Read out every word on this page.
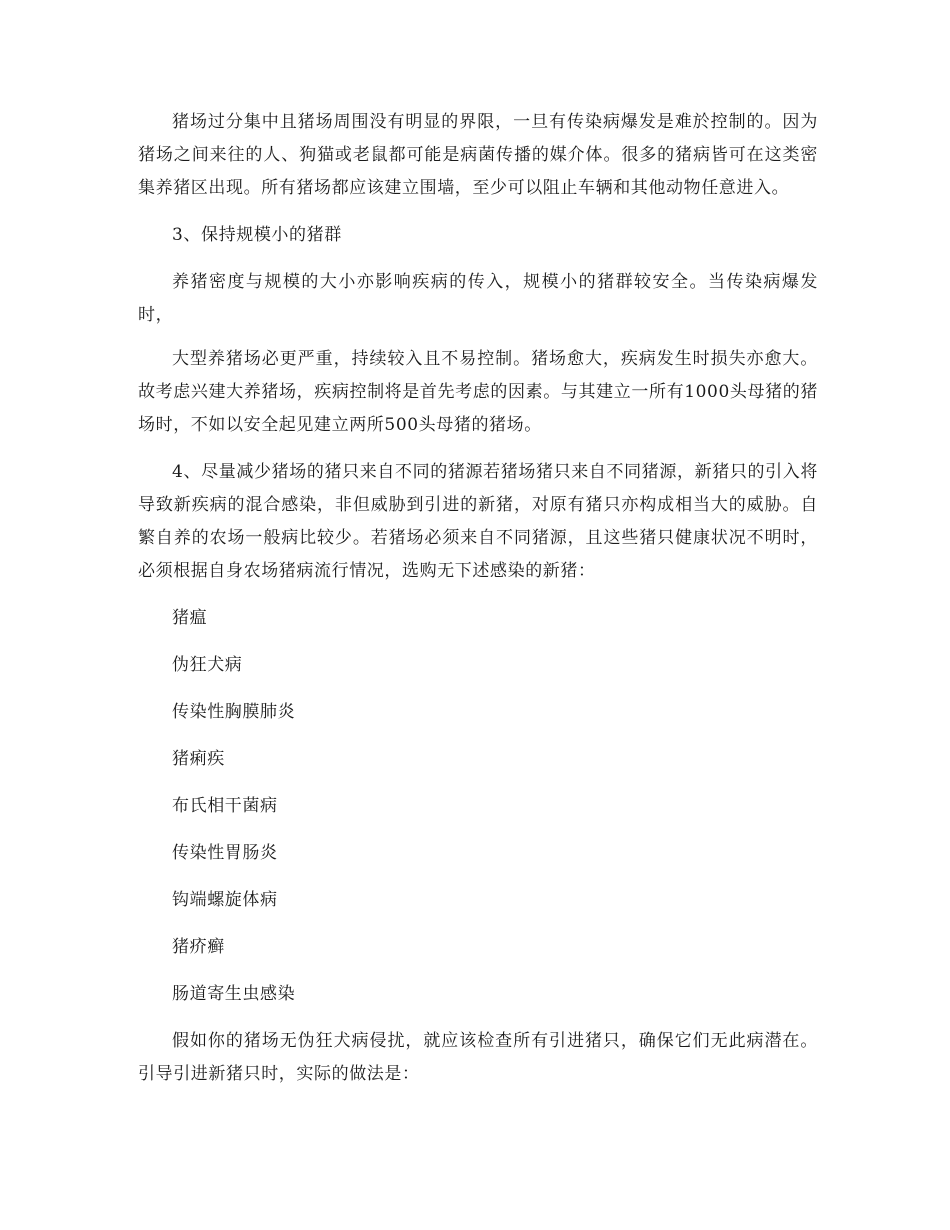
猪场过分集中且猪场周围没有明显的界限，一旦有传染病爆发是难於控制的。因为猪场之间来往的人、狗猫或老鼠都可能是病菌传播的媒介体。很多的猪病皆可在这类密集养猪区出现。所有猪场都应该建立围墙，至少可以阻止车辆和其他动物任意进入。

3、保持规模小的猪群

养猪密度与规模的大小亦影响疾病的传入，规模小的猪群较安全。当传染病爆发时，

大型养猪场必更严重，持续较入且不易控制。猪场愈大，疾病发生时损失亦愈大。故考虑兴建大养猪场，疾病控制将是首先考虑的因素。与其建立一所有1000头母猪的猪场时，不如以安全起见建立两所500头母猪的猪场。

4、尽量减少猪场的猪只来自不同的猪源若猪场猪只来自不同猪源，新猪只的引入将导致新疾病的混合感染，非但威胁到引进的新猪，对原有猪只亦构成相当大的威胁。自繁自养的农场一般病比较少。若猪场必须来自不同猪源，且这些猪只健康状况不明时，必须根据自身农场猪病流行情况，选购无下述感染的新猪：

猪瘟
伪狂犬病
传染性胸膜肺炎
猪痢疾
布氏相干菌病
传染性胃肠炎
钩端螺旋体病
猪疥癣
肠道寄生虫感染

假如你的猪场无伪狂犬病侵扰，就应该检查所有引进猪只，确保它们无此病潜在。引导引进新猪只时，实际的做法是：
